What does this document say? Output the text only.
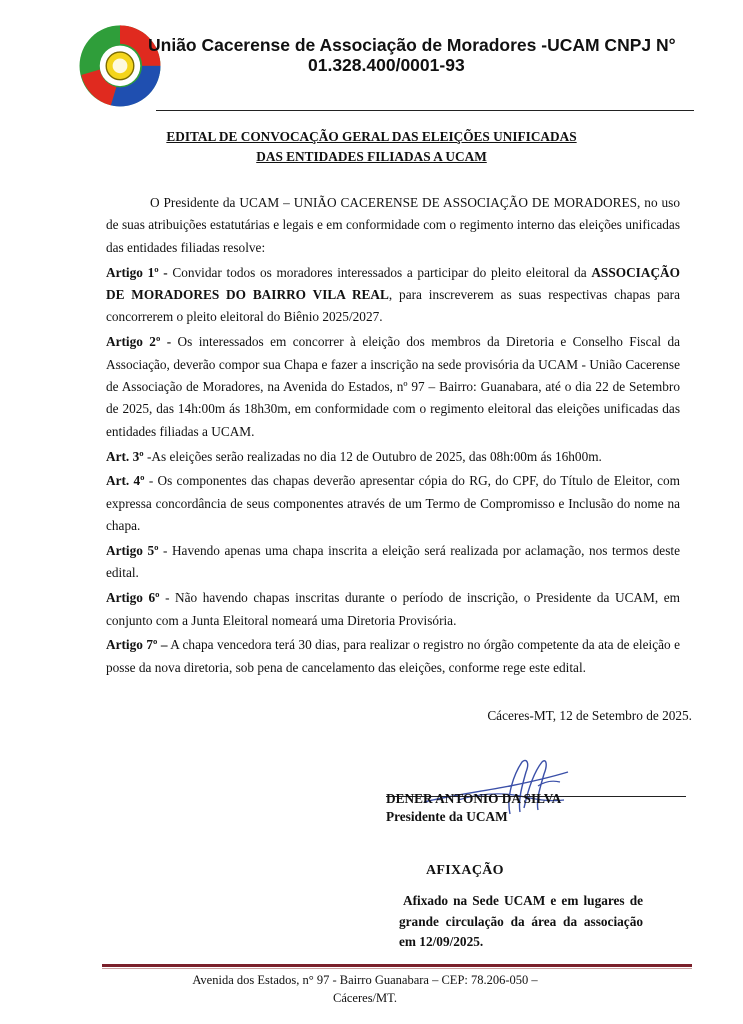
União Cacerense de Associação de Moradores -UCAM CNPJ N°
01.328.400/0001-93
EDITAL DE CONVOCAÇÃO GERAL DAS ELEIÇÕES UNIFICADAS
DAS ENTIDADES FILIADAS A UCAM

O Presidente da UCAM – UNIÃO CACERENSE DE ASSOCIAÇÃO DE MORADORES, no uso de suas atribuições estatutárias e legais e em conformidade com o regimento interno das eleições unificadas das entidades filiadas resolve:

Artigo 1º - Convidar todos os moradores interessados a participar do pleito eleitoral da ASSOCIAÇÃO DE MORADORES DO BAIRRO VILA REAL, para inscreverem as suas respectivas chapas para concorrerem o pleito eleitoral do Biênio 2025/2027.

Artigo 2º - Os interessados em concorrer à eleição dos membros da Diretoria e Conselho Fiscal da Associação, deverão compor sua Chapa e fazer a inscrição na sede provisória da UCAM - União Cacerense de Associação de Moradores, na Avenida do Estados, nº 97 – Bairro: Guanabara, até o dia 22 de Setembro de 2025, das 14h:00m ás 18h30m, em conformidade com o regimento eleitoral das eleições unificadas das entidades filiadas a UCAM.

Art. 3º -As eleições serão realizadas no dia 12 de Outubro de 2025, das 08h:00m ás 16h00m.

Art. 4º - Os componentes das chapas deverão apresentar cópia do RG, do CPF, do Título de Eleitor, com expressa concordância de seus componentes através de um Termo de Compromisso e Inclusão do nome na chapa.

Artigo 5º - Havendo apenas uma chapa inscrita a eleição será realizada por aclamação, nos termos deste edital.

Artigo 6º - Não havendo chapas inscritas durante o período de inscrição, o Presidente da UCAM, em conjunto com a Junta Eleitoral nomeará uma Diretoria Provisória.

Artigo 7º – A chapa vencedora terá 30 dias, para realizar o registro no órgão competente da ata de eleição e posse da nova diretoria, sob pena de cancelamento das eleições, conforme rege este edital.

Cáceres-MT, 12 de Setembro de 2025.
DENER ANTONIO DA SILVA
Presidente da UCAM
AFIXAÇÃO
Afixado na Sede UCAM e em lugares de grande circulação da área da associação em 12/09/2025.
Avenida dos Estados, n° 97 - Bairro Guanabara – CEP: 78.206-050 –
Cáceres/MT.
